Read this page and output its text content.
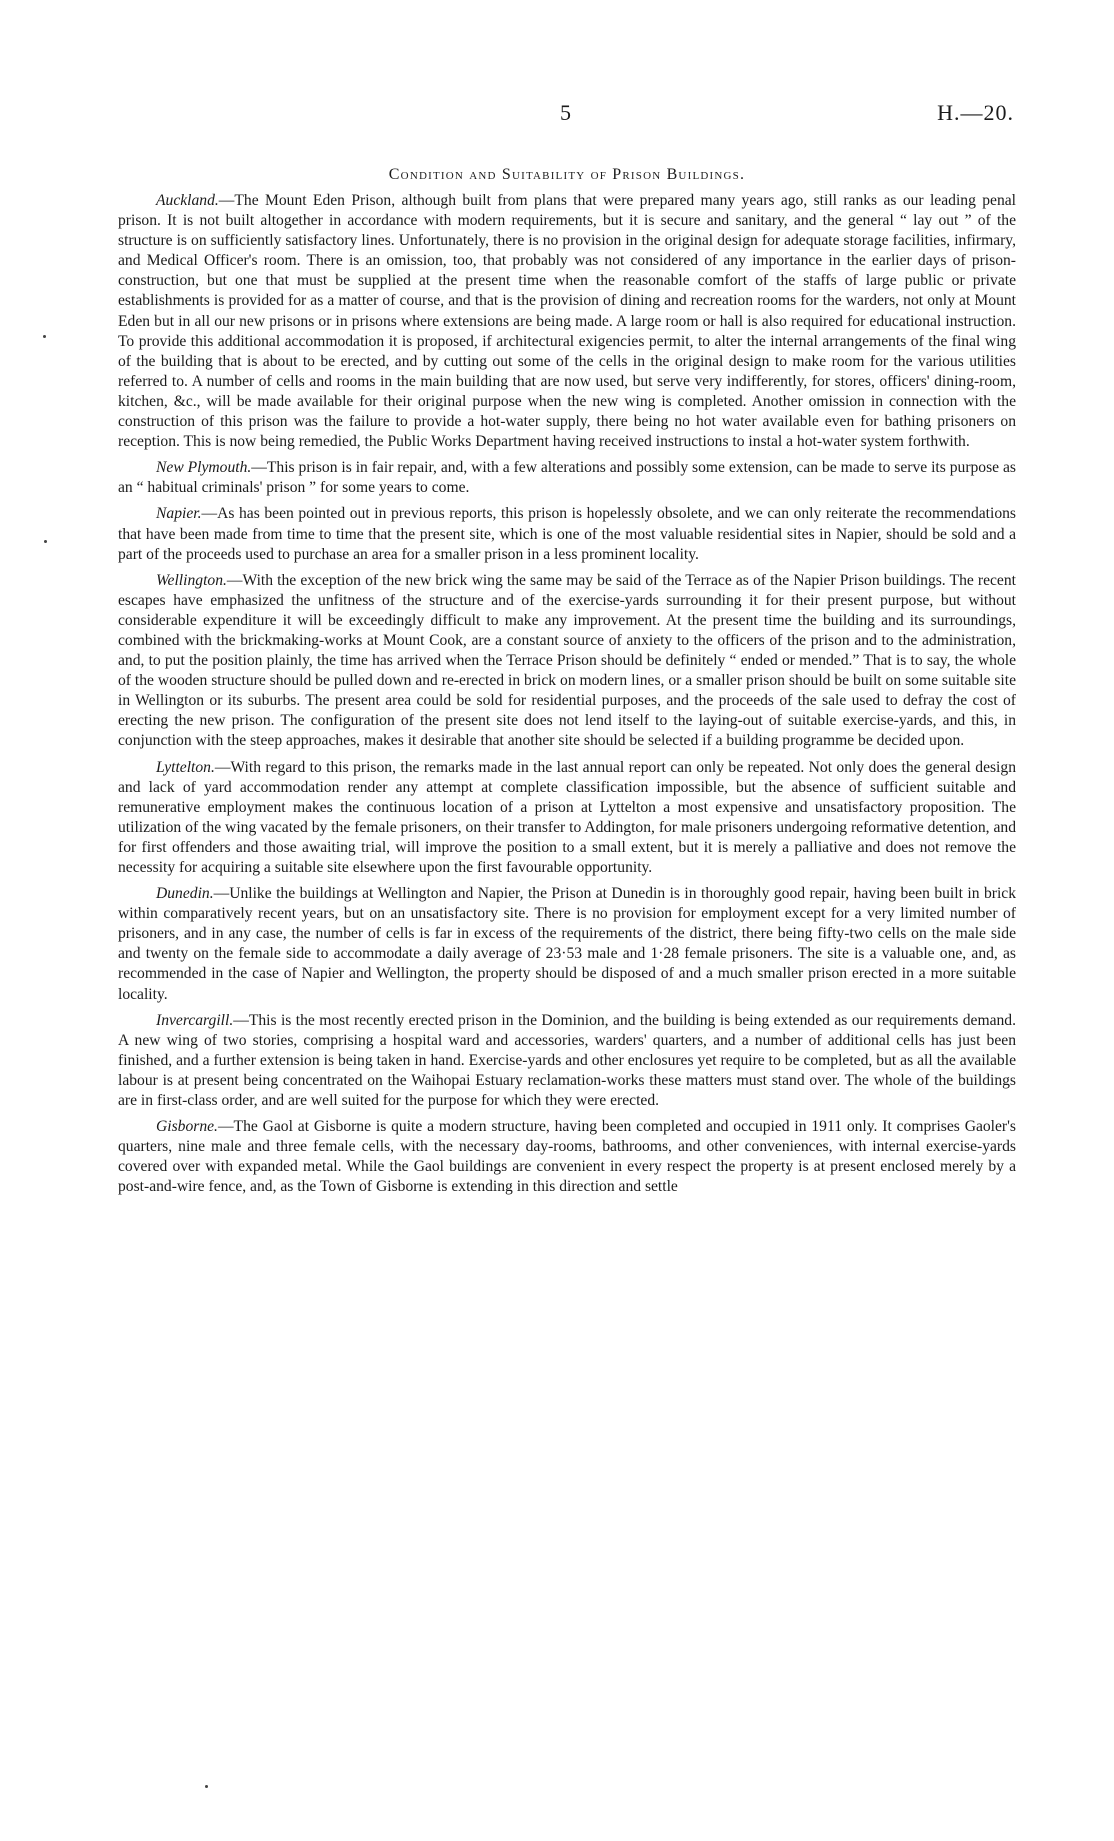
5	H.—20.
Condition and Suitability of Prison Buildings.

Auckland.—The Mount Eden Prison, although built from plans that were prepared many years ago, still ranks as our leading penal prison. It is not built altogether in accordance with modern requirements, but it is secure and sanitary, and the general “ lay out ” of the structure is on sufficiently satisfactory lines. Unfortunately, there is no provision in the original design for adequate storage facilities, infirmary, and Medical Officer's room. There is an omission, too, that probably was not considered of any importance in the earlier days of prison-construction, but one that must be supplied at the present time when the reasonable comfort of the staffs of large public or private establishments is provided for as a matter of course, and that is the provision of dining and recreation rooms for the warders, not only at Mount Eden but in all our new prisons or in prisons where extensions are being made. A large room or hall is also required for educational instruction. To provide this additional accommodation it is proposed, if architectural exigencies permit, to alter the internal arrangements of the final wing of the building that is about to be erected, and by cutting out some of the cells in the original design to make room for the various utilities referred to. A number of cells and rooms in the main building that are now used, but serve very indifferently, for stores, officers' dining-room, kitchen, &c., will be made available for their original purpose when the new wing is completed. Another omission in connection with the construction of this prison was the failure to provide a hot-water supply, there being no hot water available even for bathing prisoners on reception. This is now being remedied, the Public Works Department having received instructions to instal a hot-water system forthwith.

New Plymouth.—This prison is in fair repair, and, with a few alterations and possibly some extension, can be made to serve its purpose as an “ habitual criminals' prison ” for some years to come.

Napier.—As has been pointed out in previous reports, this prison is hopelessly obsolete, and we can only reiterate the recommendations that have been made from time to time that the present site, which is one of the most valuable residential sites in Napier, should be sold and a part of the proceeds used to purchase an area for a smaller prison in a less prominent locality.

Wellington.—With the exception of the new brick wing the same may be said of the Terrace as of the Napier Prison buildings. The recent escapes have emphasized the unfitness of the structure and of the exercise-yards surrounding it for their present purpose, but without considerable expenditure it will be exceedingly difficult to make any improvement. At the present time the building and its surroundings, combined with the brickmaking-works at Mount Cook, are a constant source of anxiety to the officers of the prison and to the administration, and, to put the position plainly, the time has arrived when the Terrace Prison should be definitely “ ended or mended.” That is to say, the whole of the wooden structure should be pulled down and re-erected in brick on modern lines, or a smaller prison should be built on some suitable site in Wellington or its suburbs. The present area could be sold for residential purposes, and the proceeds of the sale used to defray the cost of erecting the new prison. The configuration of the present site does not lend itself to the laying-out of suitable exercise-yards, and this, in conjunction with the steep approaches, makes it desirable that another site should be selected if a building programme be decided upon.

Lyttelton.—With regard to this prison, the remarks made in the last annual report can only be repeated. Not only does the general design and lack of yard accommodation render any attempt at complete classification impossible, but the absence of sufficient suitable and remunerative employment makes the continuous location of a prison at Lyttelton a most expensive and unsatisfactory proposition. The utilization of the wing vacated by the female prisoners, on their transfer to Addington, for male prisoners undergoing reformative detention, and for first offenders and those awaiting trial, will improve the position to a small extent, but it is merely a palliative and does not remove the necessity for acquiring a suitable site elsewhere upon the first favourable opportunity.

Dunedin.—Unlike the buildings at Wellington and Napier, the Prison at Dunedin is in thoroughly good repair, having been built in brick within comparatively recent years, but on an unsatisfactory site. There is no provision for employment except for a very limited number of prisoners, and in any case, the number of cells is far in excess of the requirements of the district, there being fifty-two cells on the male side and twenty on the female side to accommodate a daily average of 23·53 male and 1·28 female prisoners. The site is a valuable one, and, as recommended in the case of Napier and Wellington, the property should be disposed of and a much smaller prison erected in a more suitable locality.

Invercargill.—This is the most recently erected prison in the Dominion, and the building is being extended as our requirements demand. A new wing of two stories, comprising a hospital ward and accessories, warders' quarters, and a number of additional cells has just been finished, and a further extension is being taken in hand. Exercise-yards and other enclosures yet require to be completed, but as all the available labour is at present being concentrated on the Waihopai Estuary reclamation-works these matters must stand over. The whole of the buildings are in first-class order, and are well suited for the purpose for which they were erected.

Gisborne.—The Gaol at Gisborne is quite a modern structure, having been completed and occupied in 1911 only. It comprises Gaoler's quarters, nine male and three female cells, with the necessary day-rooms, bathrooms, and other conveniences, with internal exercise-yards covered over with expanded metal. While the Gaol buildings are convenient in every respect the property is at present enclosed merely by a post-and-wire fence, and, as the Town of Gisborne is extending in this direction and settle
